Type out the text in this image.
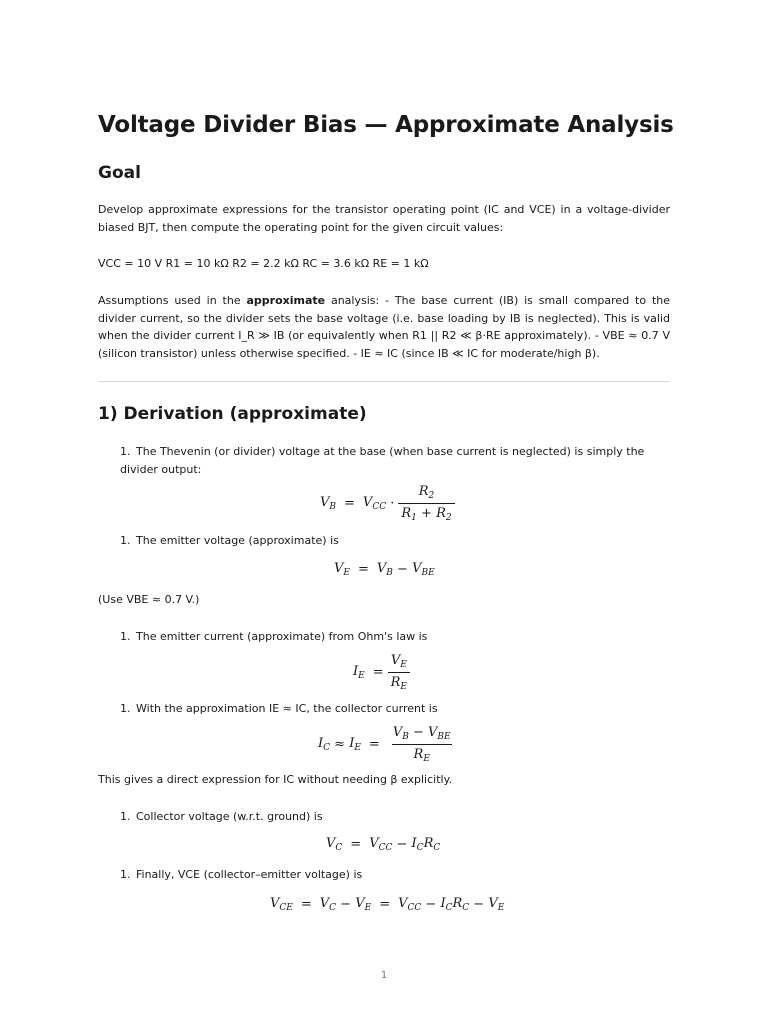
Voltage Divider Bias — Approximate Analysis
Goal

Develop approximate expressions for the transistor operating point (IC and VCE) in a voltage-divider biased BJT, then compute the operating point for the given circuit values:

VCC = 10 V R1 = 10 kΩ R2 = 2.2 kΩ RC = 3.6 kΩ RE = 1 kΩ

Assumptions used in the approximate analysis: - The base current (IB) is small compared to the divider current, so the divider sets the base voltage (i.e. base loading by IB is neglected). This is valid when the divider current I_R ≫ IB (or equivalently when R1 || R2 ≪ β·RE approximately). - VBE ≈ 0.7 V (silicon transistor) unless otherwise specified. - IE ≈ IC (since IB ≪ IC for moderate/high β).

1) Derivation (approximate)
1. The Thevenin (or divider) voltage at the base (when base current is neglected) is simply the divider output:
$V_B = V_{CC} \cdot \frac{R_2}{R_1 + R_2}$
1. The emitter voltage (approximate) is
$V_E = V_B - V_{BE}$

(Use VBE ≈ 0.7 V.)

1. The emitter current (approximate) from Ohm's law is
$I_E = \frac{V_E}{R_E}$
1. With the approximation IE ≈ IC, the collector current is
$I_C \approx I_E = \frac{V_B - V_{BE}}{R_E}$

This gives a direct expression for IC without needing β explicitly.

1. Collector voltage (w.r.t. ground) is
$V_C = V_{CC} - I_CR_C$
1. Finally, VCE (collector–emitter voltage) is
$V_{CE} = V_C - V_E = V_{CC} - I_CR_C - V_E$
1
